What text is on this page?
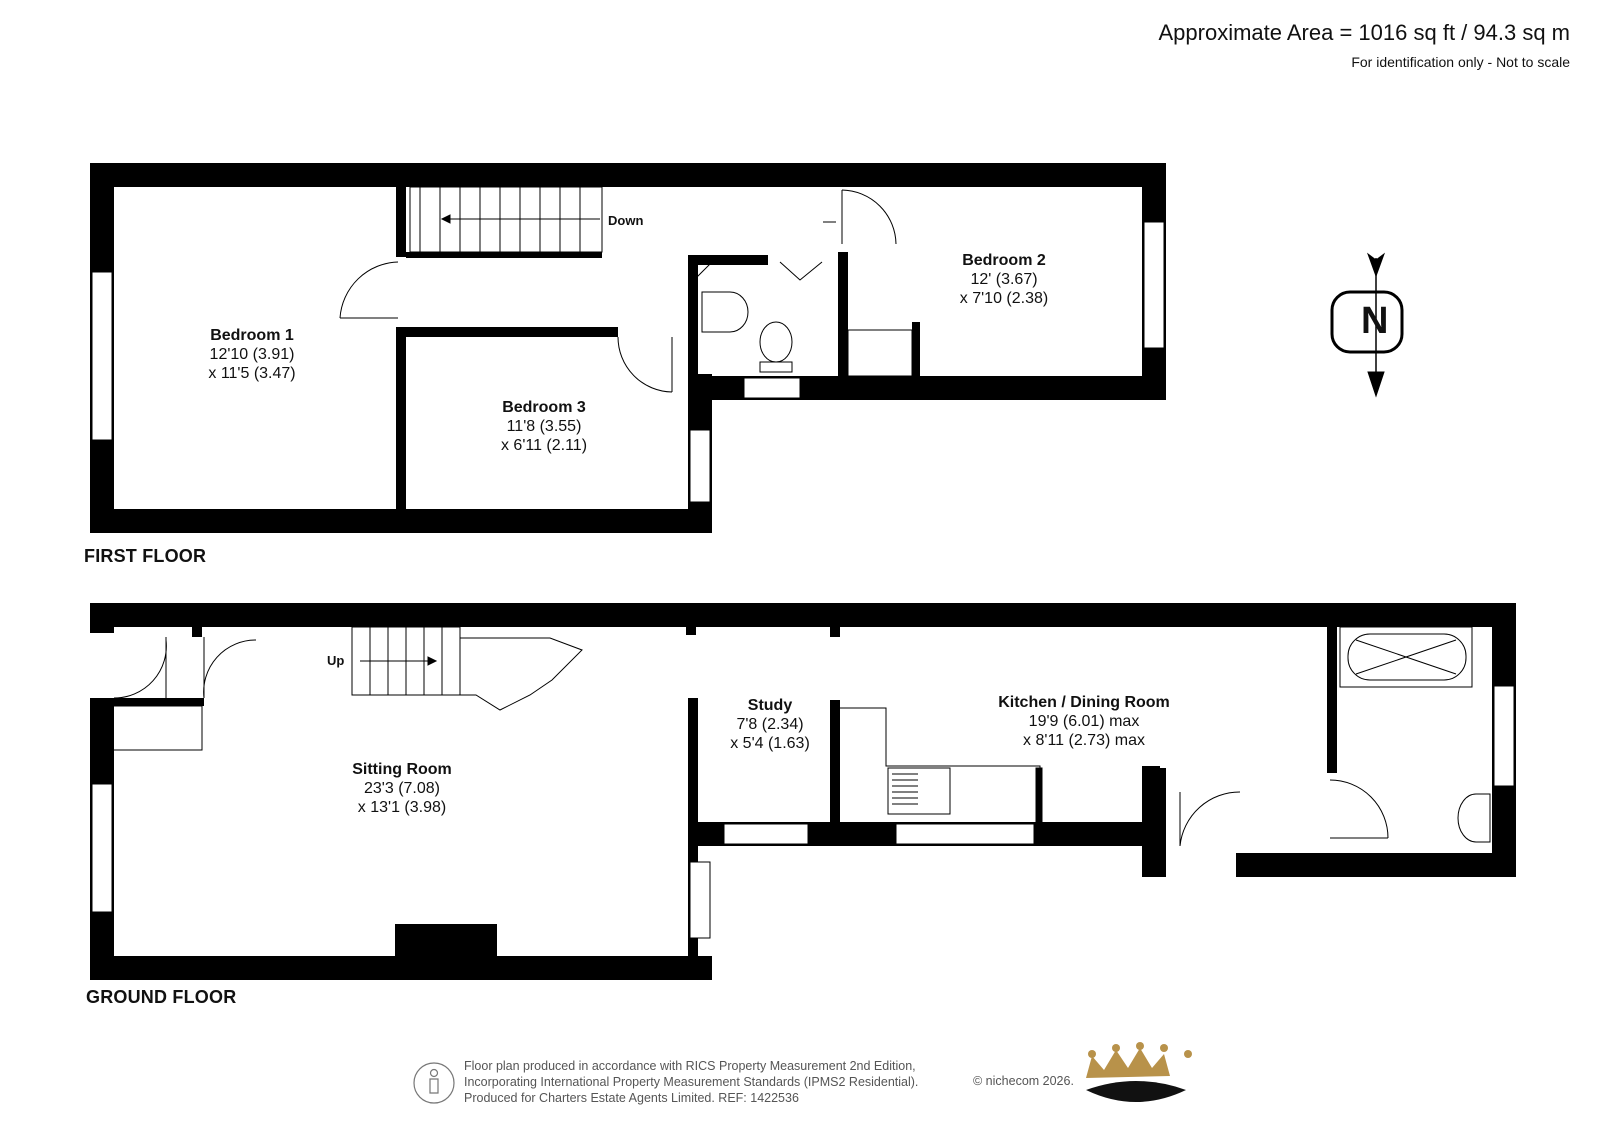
Approximate Area = 1016 sq ft / 94.3 sq m
For identification only - Not to scale
FIRST FLOOR
GROUND FLOOR
Down
Up
N
Bedroom 1
12'10 (3.91)
x 11'5 (3.47)
Bedroom 2
12' (3.67)
x 7'10 (2.38)
Bedroom 3
11'8 (3.55)
x 6'11 (2.11)
Sitting Room
23'3 (7.08)
x 13'1 (3.98)
Study
7'8 (2.34)
x 5'4 (1.63)
Kitchen / Dining Room
19'9 (6.01) max
x 8'11 (2.73) max
Floor plan produced in accordance with RICS Property Measurement 2nd Edition,
Incorporating International Property Measurement Standards (IPMS2 Residential).
Produced for Charters Estate Agents Limited. REF: 1422536
© nichecom 2026.
